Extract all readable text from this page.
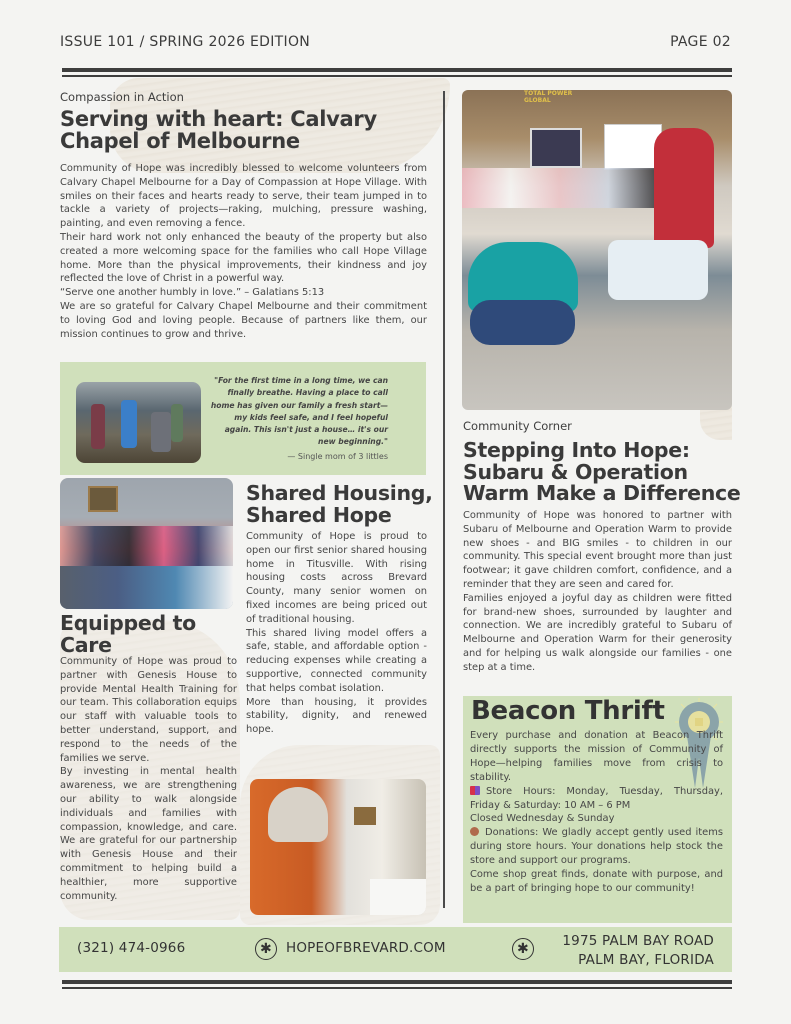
ISSUE 101 / SPRING 2026 EDITION	PAGE 02
Compassion in Action
Serving with heart: Calvary
Chapel of Melbourne

Community of Hope was incredibly blessed to welcome volunteers from Calvary Chapel Melbourne for a Day of Compassion at Hope Village. With smiles on their faces and hearts ready to serve, their team jumped in to tackle a variety of projects—raking, mulching, pressure washing, painting, and even removing a fence.

Their hard work not only enhanced the beauty of the property but also created a more welcoming space for the families who call Hope Village home. More than the physical improvements, their kindness and joy reflected the love of Christ in a powerful way.

“Serve one another humbly in love.” – Galatians 5:13

We are so grateful for Calvary Chapel Melbourne and their commitment to loving God and loving people. Because of partners like them, our mission continues to grow and thrive.

"For the first time in a long time, we can finally breathe. Having a place to call home has given our family a fresh start—my kids feel safe, and I feel hopeful again. This isn't just a house… it's our new beginning."
— Single mom of 3 littles
Shared Housing,
Shared Hope

Community of Hope is proud to open our first senior shared housing home in Titusville. With rising housing costs across Brevard County, many senior women on fixed incomes are being priced out of traditional housing.

This shared living model offers a safe, stable, and affordable option - reducing expenses while creating a supportive, connected community that helps combat isolation.

More than housing, it provides stability, dignity, and renewed hope.

Equipped to
Care

Community of Hope was proud to partner with Genesis House to provide Mental Health Training for our team. This collaboration equips our staff with valuable tools to better understand, support, and respond to the needs of the families we serve.

By investing in mental health awareness, we are strengthening our ability to walk alongside individuals and families with compassion, knowledge, and care. We are grateful for our partnership with Genesis House and their commitment to helping build a healthier, more supportive community.

TOTAL POWER GLOBAL
Community Corner
Stepping Into Hope:
Subaru & Operation
Warm Make a Difference

Community of Hope was honored to partner with Subaru of Melbourne and Operation Warm to provide new shoes - and BIG smiles - to children in our community. This special event brought more than just footwear; it gave children comfort, confidence, and a reminder that they are seen and cared for.

Families enjoyed a joyful day as children were fitted for brand-new shoes, surrounded by laughter and connection. We are incredibly grateful to Subaru of Melbourne and Operation Warm for their generosity and for helping us walk alongside our families - one step at a time.

Beacon Thrift

Every purchase and donation at Beacon Thrift directly supports the mission of Community of Hope—helping families move from crisis to stability.

Store Hours: Monday, Tuesday, Thursday, Friday & Saturday: 10 AM – 6 PM

Closed Wednesday & Sunday

Donations: We gladly accept gently used items during store hours. Your donations help stock the store and support our programs.

Come shop great finds, donate with purpose, and be a part of bringing hope to our community!

(321) 474-0966	✱	HOPEOFBREVARD.COM	✱	1975 PALM BAY ROAD
PALM BAY, FLORIDA
